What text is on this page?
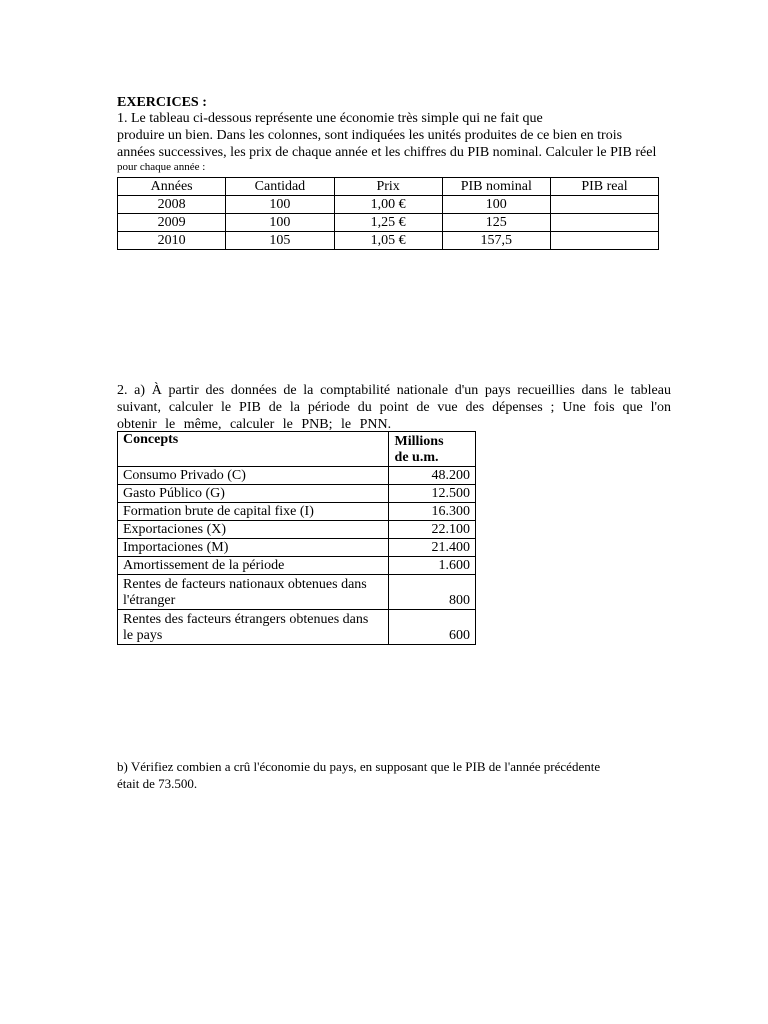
EXERCICES :
1. Le tableau ci-dessous représente une économie très simple qui ne fait que
produire un bien. Dans les colonnes, sont indiquées les unités produites de ce bien en trois
années successives, les prix de chaque année et les chiffres du PIB nominal. Calculer le PIB réel
pour chaque année :
Années	Cantidad	Prix	PIB nominal	PIB real
2008	100	1,00 €	100	
2009	100	1,25 €	125	
2010	105	1,05 €	157,5	
2. a) À partir des données de la comptabilité nationale d'un pays recueillies dans le tableau
suivant, calculer le PIB de la période du point de vue des dépenses ; Une fois que l'on
obtenir le même, calculer le PNB; le PNN.
Concepts	Millions
de u.m.

Consumo Privado (C)	48.200
Gasto Público (G)	12.500
Formation brute de capital fixe (I)	16.300
Exportaciones (X)	22.100
Importaciones (M)	21.400
Amortissement de la période	1.600

Rentes de facteurs nationaux obtenues dans
l'étranger	800

Rentes des facteurs étrangers obtenues dans
le pays	600
b) Vérifiez combien a crû l'économie du pays, en supposant que le PIB de l'année précédente
était de 73.500.
